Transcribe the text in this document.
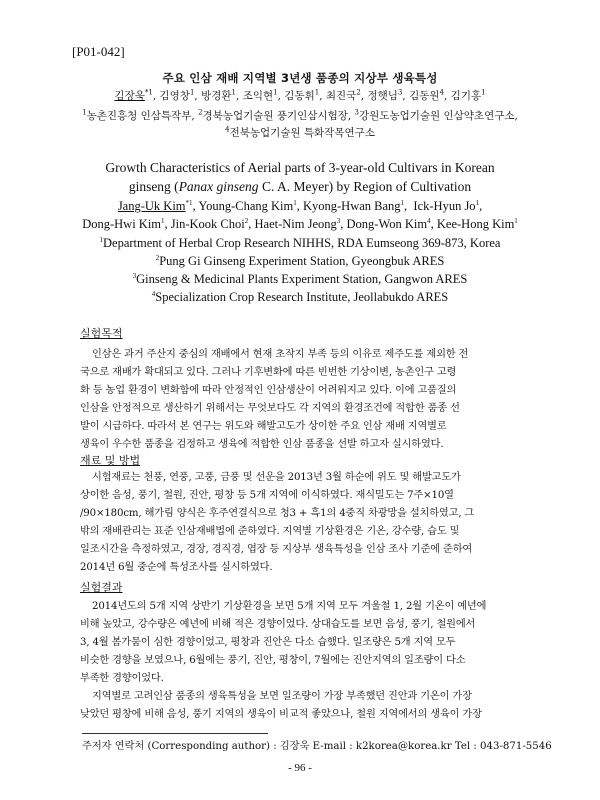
[P01-042]
주요 인삼 재배 지역별 3년생 품종의 지상부 생육특성
김장욱$^{*1}$, 김영창$^1$, 방경환$^1$, 조익현$^1$, 김동휘$^1$, 최진국$^2$, 정햇님$^3$, 김동원$^4$, 김기홍$^1$
$^1$농촌진흥청 인삼특작부, $^2$경북농업기술원 풍기인삼시험장, $^3$강원도농업기술원 인삼약초연구소,
$^4$전북농업기술원 특화작목연구소
Growth Characteristics of Aerial parts of 3-year-old Cultivars in Korean
ginseng (Panax ginseng C. A. Meyer) by Region of Cultivation
Jang-Uk Kim$^{*1}$, Young-Chang Kim$^1$, Kyong-Hwan Bang$^1$,  Ick-Hyun Jo$^1$,
Dong-Hwi Kim$^1$, Jin-Kook Choi$^2$, Haet-Nim Jeong$^3$, Dong-Won Kim$^4$, Kee-Hong Kim$^1$
$^1$Department of Herbal Crop Research NIHHS, RDA Eumseong 369-873, Korea
$^2$Pung Gi Ginseng Experiment Station, Gyeongbuk ARES
$^3$Ginseng & Medicinal Plants Experiment Station, Gangwon ARES
$^4$Specialization Crop Research Institute, Jeollabukdo ARES
실험목적
인삼은 과거 주산지 중심의 재배에서 현재 초작지 부족 등의 이유로 제주도를 제외한 전
국으로 재배가 확대되고 있다. 그러나 기후변화에 따른 빈번한 기상이변, 농촌인구 고령
화 등 농업 환경이 변화함에 따라 안정적인 인삼생산이 어려워지고 있다. 이에 고품질의
인삼을 안정적으로 생산하기 위해서는 무엇보다도 각 지역의 환경조건에 적합한 품종 선
발이 시급하다. 따라서 본 연구는 위도와 해발고도가 상이한 주요 인삼 재배 지역별로
생육이 우수한 품종을 검정하고 생육에 적합한 인삼 품종을 선발 하고자 실시하였다.
재료 및 방법
시험재료는 천풍, 연풍, 고풍, 금풍 및 선운을 2013년 3월 하순에 위도 및 해발고도가
상이한 음성, 풍기, 철원, 진안, 평창 등 5개 지역에 이식하였다. 재식밀도는 7주×10열
/90×180cm, 해가림 양식은 후주연결식으로 청3 + 흑1의 4중직 차광망을 설치하였고, 그
밖의 재배관리는 표준 인삼재배법에 준하였다. 지역별 기상환경은 기온, 강수량, 습도 및
일조시간을 측정하였고, 경장, 경직경, 엽장 등 지상부 생육특성을 인삼 조사 기준에 준하여
2014년 6월 중순에 특성조사를 실시하였다.
실험결과
2014년도의 5개 지역 상반기 기상환경을 보면 5개 지역 모두 겨울철 1, 2월 기온이 예년에
비해 높았고, 강수량은 예년에 비해 적은 경향이었다. 상대습도를 보면 음성, 풍기, 철원에서
3, 4월 봄가뭄이 심한 경향이었고, 평창과 진안은 다소 습했다. 일조량은 5개 지역 모두
비슷한 경향을 보였으나, 6월에는 풍기, 진안, 평창이, 7월에는 진안지역의 일조량이 다소
부족한 경향이었다.
지역별로 고려인삼 품종의 생육특성을 보면 일조량이 가장 부족했던 진안과 기온이 가장
낮았던 평창에 비해 음성, 풍기 지역의 생육이 비교적 좋았으나, 철원 지역에서의 생육이 가장
주저자 연락처 (Corresponding author) : 김장욱 E-mail : k2korea@korea.kr Tel : 043-871-5546
- 96 -
